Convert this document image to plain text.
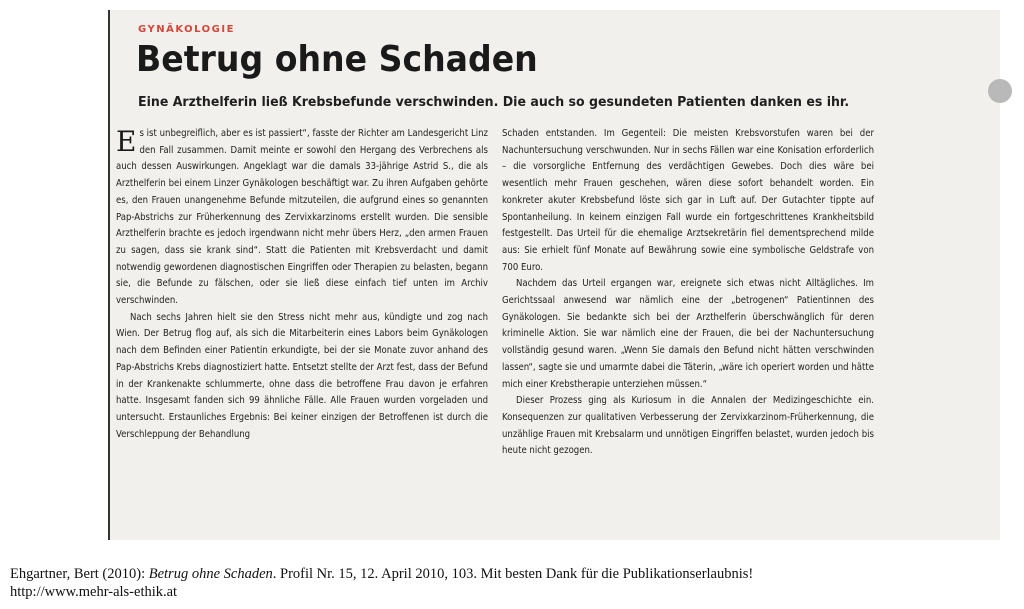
GYNÄKOLOGIE
Betrug ohne Schaden

Eine Arzthelferin ließ Krebsbefunde verschwinden. Die auch so gesundeten Patienten danken es ihr.

Es ist unbegreiflich, aber es ist passiert“, fasste der Richter am Landesgericht Linz den Fall zusammen. Damit meinte er sowohl den Hergang des Verbrechens als auch dessen Auswirkungen. Angeklagt war die damals 33-jährige Astrid S., die als Arzthelferin bei einem Linzer Gynäkologen beschäftigt war. Zu ihren Aufgaben gehörte es, den Frauen unangenehme Befunde mitzuteilen, die aufgrund eines so genannten Pap-Abstrichs zur Früherkennung des Zervixkarzinoms erstellt wurden. Die sensible Arzthelferin brachte es jedoch irgendwann nicht mehr übers Herz, „den armen Frauen zu sagen, dass sie krank sind“. Statt die Patienten mit Krebsverdacht und damit notwendig gewordenen diagnostischen Eingriffen oder Therapien zu belasten, begann sie, die Befunde zu fälschen, oder sie ließ diese einfach tief unten im Archiv verschwinden.

Nach sechs Jahren hielt sie den Stress nicht mehr aus, kündigte und zog nach Wien. Der Betrug flog auf, als sich die Mitarbeiterin eines Labors beim Gynäkologen nach dem Befinden einer Patientin erkundigte, bei der sie Monate zuvor anhand des Pap-Abstrichs Krebs diagnostiziert hatte. Entsetzt stellte der Arzt fest, dass der Befund in der Krankenakte schlummerte, ohne dass die betroffene Frau davon je erfahren hatte. Insgesamt fanden sich 99 ähnliche Fälle. Alle Frauen wurden vorgeladen und untersucht. Erstaunliches Ergebnis: Bei keiner einzigen der Betroffenen ist durch die Verschleppung der Behandlung

Schaden entstanden. Im Gegenteil: Die meisten Krebsvorstufen waren bei der Nachuntersuchung verschwunden. Nur in sechs Fällen war eine Konisation erforderlich – die vorsorgliche Entfernung des verdächtigen Gewebes. Doch dies wäre bei wesentlich mehr Frauen geschehen, wären diese sofort behandelt worden. Ein konkreter akuter Krebsbefund löste sich gar in Luft auf. Der Gutachter tippte auf Spontanheilung. In keinem einzigen Fall wurde ein fortgeschrittenes Krankheitsbild festgestellt. Das Urteil für die ehemalige Arztsekretärin fiel dementsprechend milde aus: Sie erhielt fünf Monate auf Bewährung sowie eine symbolische Geldstrafe von 700 Euro.

Nachdem das Urteil ergangen war, ereignete sich etwas nicht Alltägliches. Im Gerichtssaal anwesend war nämlich eine der „betrogenen“ Patientinnen des Gynäkologen. Sie bedankte sich bei der Arzthelferin überschwänglich für deren kriminelle Aktion. Sie war nämlich eine der Frauen, die bei der Nachuntersuchung vollständig gesund waren. „Wenn Sie damals den Befund nicht hätten verschwinden lassen“, sagte sie und umarmte dabei die Täterin, „wäre ich operiert worden und hätte mich einer Krebstherapie unterziehen müssen.“

Dieser Prozess ging als Kuriosum in die Annalen der Medizingeschichte ein. Konsequenzen zur qualitativen Verbesserung der Zervixkarzinom-Früherkennung, die unzählige Frauen mit Krebsalarm und unnötigen Eingriffen belastet, wurden jedoch bis heute nicht gezogen.

Ehgartner, Bert (2010): Betrug ohne Schaden. Profil Nr. 15, 12. April 2010, 103. Mit besten Dank für die Publikationserlaubnis!

http://www.mehr-als-ethik.at
